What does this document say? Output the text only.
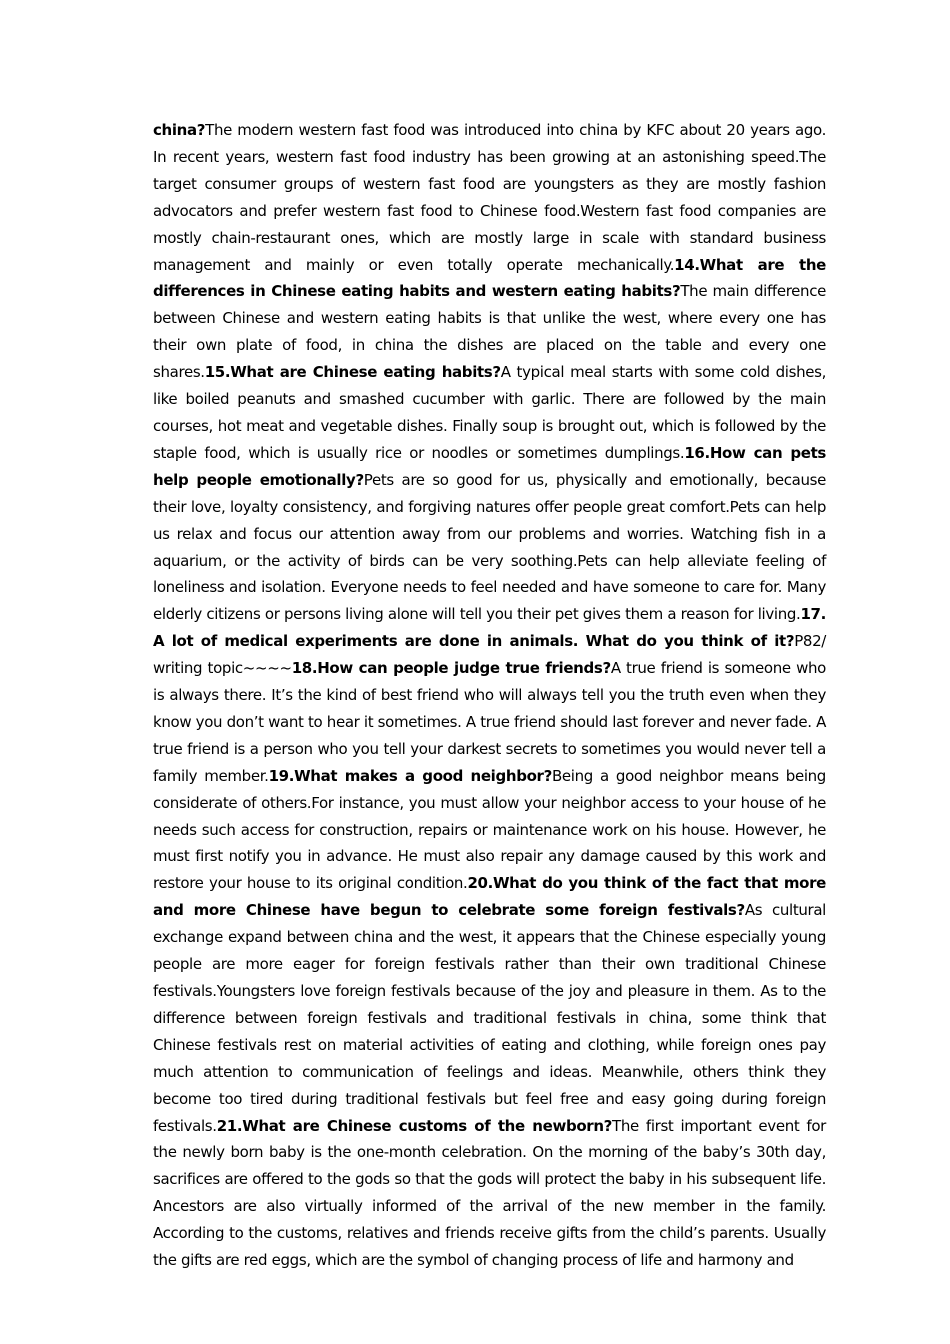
china?The modern western fast food was introduced into china by KFC about 20 years ago. In recent years, western fast food industry has been growing at an astonishing speed.The target consumer groups of western fast food are youngsters as they are mostly fashion advocators and prefer western fast food to Chinese food.Western fast food companies are mostly chain-restaurant ones, which are mostly large in scale with standard business management and mainly or even totally operate mechanically.14.What are the differences in Chinese eating habits and western eating habits?The main difference between Chinese and western eating habits is that unlike the west, where every one has their own plate of food, in china the dishes are placed on the table and every one shares.15.What are Chinese eating habits?A typical meal starts with some cold dishes, like boiled peanuts and smashed cucumber with garlic. There are followed by the main courses, hot meat and vegetable dishes. Finally soup is brought out, which is followed by the staple food, which is usually rice or noodles or sometimes dumplings.16.How can pets help people emotionally?Pets are so good for us, physically and emotionally, because their love, loyalty consistency, and forgiving natures offer people great comfort.Pets can help us relax and focus our attention away from our problems and worries. Watching fish in a aquarium, or the activity of birds can be very soothing.Pets can help alleviate feeling of loneliness and isolation. Everyone needs to feel needed and have someone to care for. Many elderly citizens or persons living alone will tell you their pet gives them a reason for living.17. A lot of medical experiments are done in animals. What do you think of it?P82/ writing topic~~~~18.How can people judge true friends?A true friend is someone who is always there. It’s the kind of best friend who will always tell you the truth even when they know you don’t want to hear it sometimes. A true friend should last forever and never fade. A true friend is a person who you tell your darkest secrets to sometimes you would never tell a family member.19.What makes a good neighbor?Being a good neighbor means being considerate of others.For instance, you must allow your neighbor access to your house of he needs such access for construction, repairs or maintenance work on his house. However, he must first notify you in advance. He must also repair any damage caused by this work and restore your house to its original condition.20.What do you think of the fact that more and more Chinese have begun to celebrate some foreign festivals?As cultural exchange expand between china and the west, it appears that the Chinese especially young people are more eager for foreign festivals rather than their own traditional Chinese festivals.Youngsters love foreign festivals because of the joy and pleasure in them. As to the difference between foreign festivals and traditional festivals in china, some think that Chinese festivals rest on material activities of eating and clothing, while foreign ones pay much attention to communication of feelings and ideas. Meanwhile, others think they become too tired during traditional festivals but feel free and easy going during foreign festivals.21.What are Chinese customs of the newborn?The first important event for the newly born baby is the one-month celebration. On the morning of the baby’s 30th day, sacrifices are offered to the gods so that the gods will protect the baby in his subsequent life. Ancestors are also virtually informed of the arrival of the new member in the family. According to the customs, relatives and friends receive gifts from the child’s parents. Usually the gifts are red eggs, which are the symbol of changing process of life and harmony and
